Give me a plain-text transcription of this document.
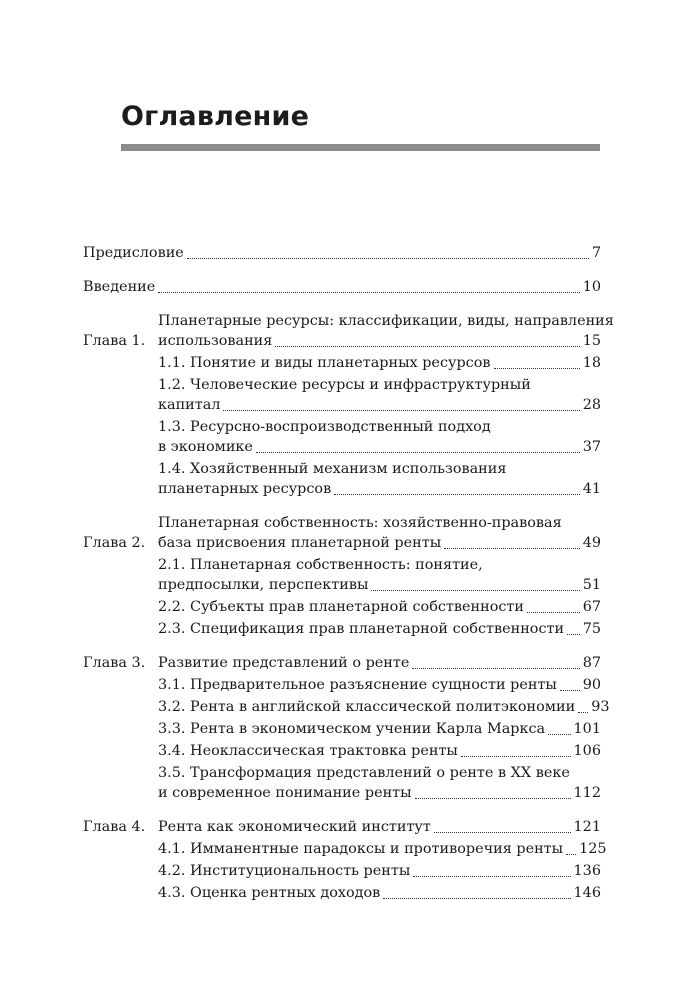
Оглавление
Предисловие	7
Введение	10
Глава 1.
Планетарные ресурсы: классификации, виды, направления
использования	15
1.1. Понятие и виды планетарных ресурсов	18
1.2. Человеческие ресурсы и инфраструктурный
капитал	28
1.3. Ресурсно-воспроизводственный подход
в экономике	37
1.4. Хозяйственный механизм использования
планетарных ресурсов	41
Глава 2.
Планетарная собственность: хозяйственно-правовая
база присвоения планетарной ренты	49
2.1. Планетарная собственность: понятие,
предпосылки, перспективы	51
2.2. Субъекты прав планетарной собственности	67
2.3. Спецификация прав планетарной собственности 75
Глава 3. Развитие представлений о ренте	87
3.1. Предварительное разъяснение сущности ренты 90
3.2. Рента в английской классической политэкономии 93
3.3. Рента в экономическом учении Карла Маркса 101
3.4. Неоклассическая трактовка ренты	106
3.5. Трансформация представлений о ренте в XX веке
и современное понимание ренты	112
Глава 4. Рента как экономический институт	121
4.1. Имманентные парадоксы и противоречия ренты 125
4.2. Институциональность ренты	136
4.3. Оценка рентных доходов	146
